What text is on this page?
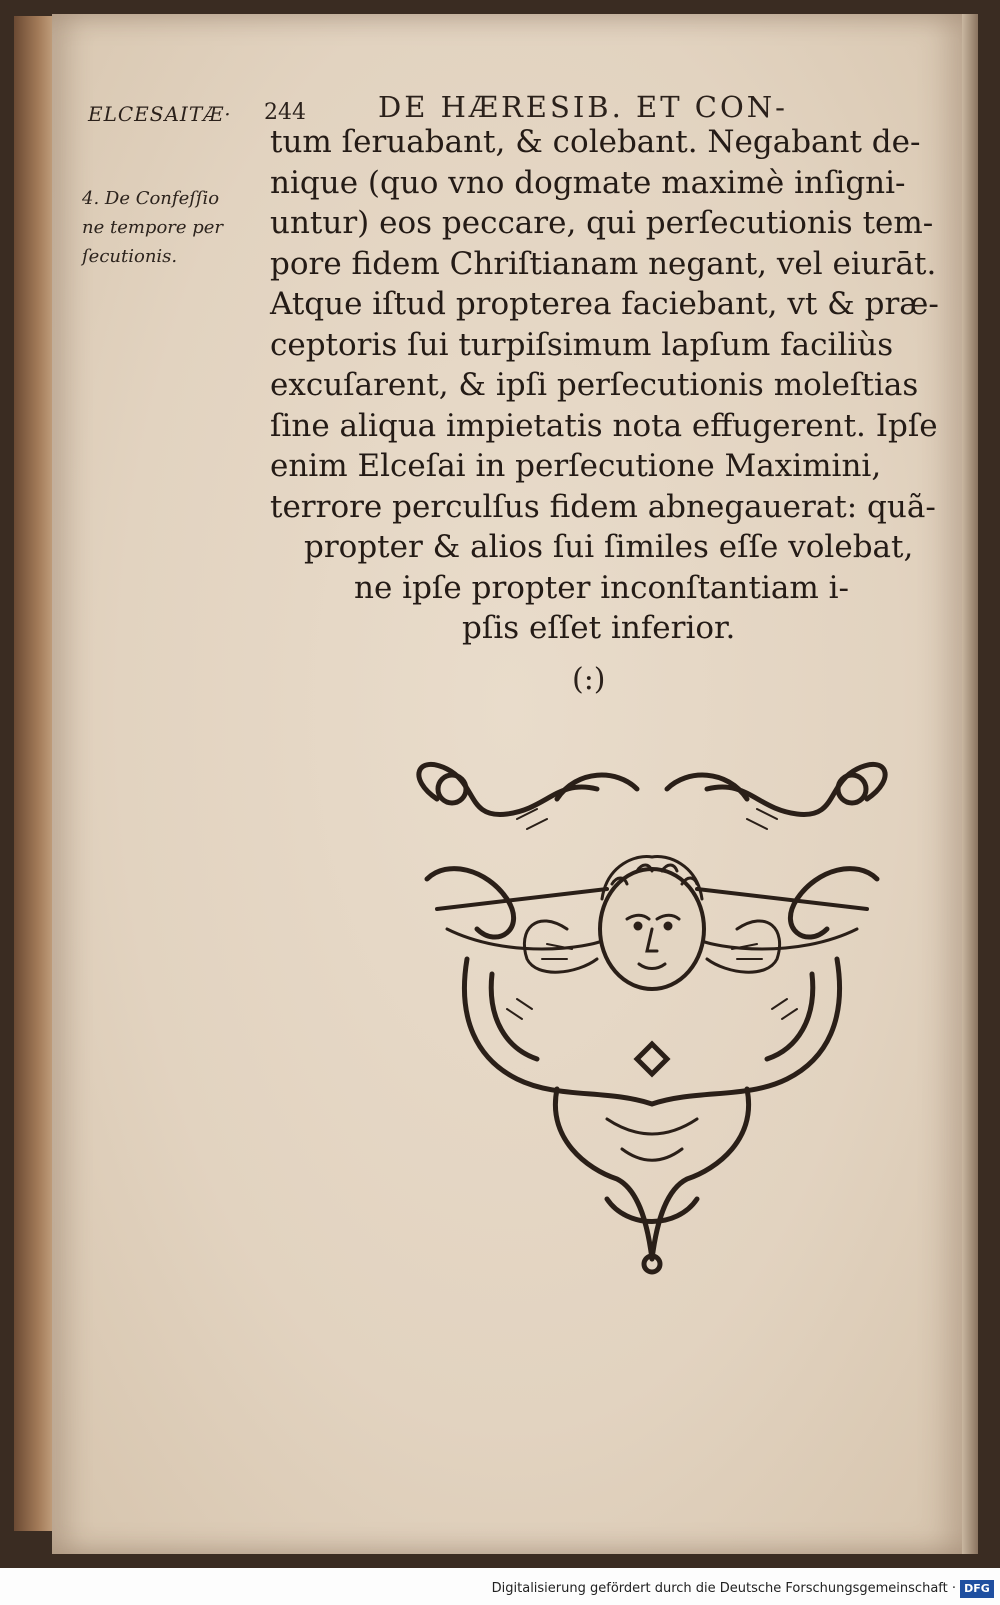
ELCESAITÆ· 244 DE HÆRESIB. ET CON-
4. De Confeſſio
ne tempore per
ſecutionis.
tum ſeruabant, & colebant. Negabant de-
nique (quo vno dogmate maximè inſigni-
untur) eos peccare, qui perſecutionis tem-
pore fidem Chriſtianam negant, vel eiurāt.
Atque iſtud propterea faciebant, vt & præ-
ceptoris ſui turpiſsimum lapſum faciliùs
excuſarent, & ipſi perſecutionis moleſtias
ſine aliqua impietatis nota effugerent. Ipſe
enim Elceſai in perſecutione Maximini,
terrore perculſus fidem abnegauerat: quã-
propter & alios ſui ſimiles eſſe volebat,
ne ipſe propter inconſtantiam i-
pſis eſſet inferior.
(:)
Digitalisierung gefördert durch die Deutsche Forschungsgemeinschaft · DFG
